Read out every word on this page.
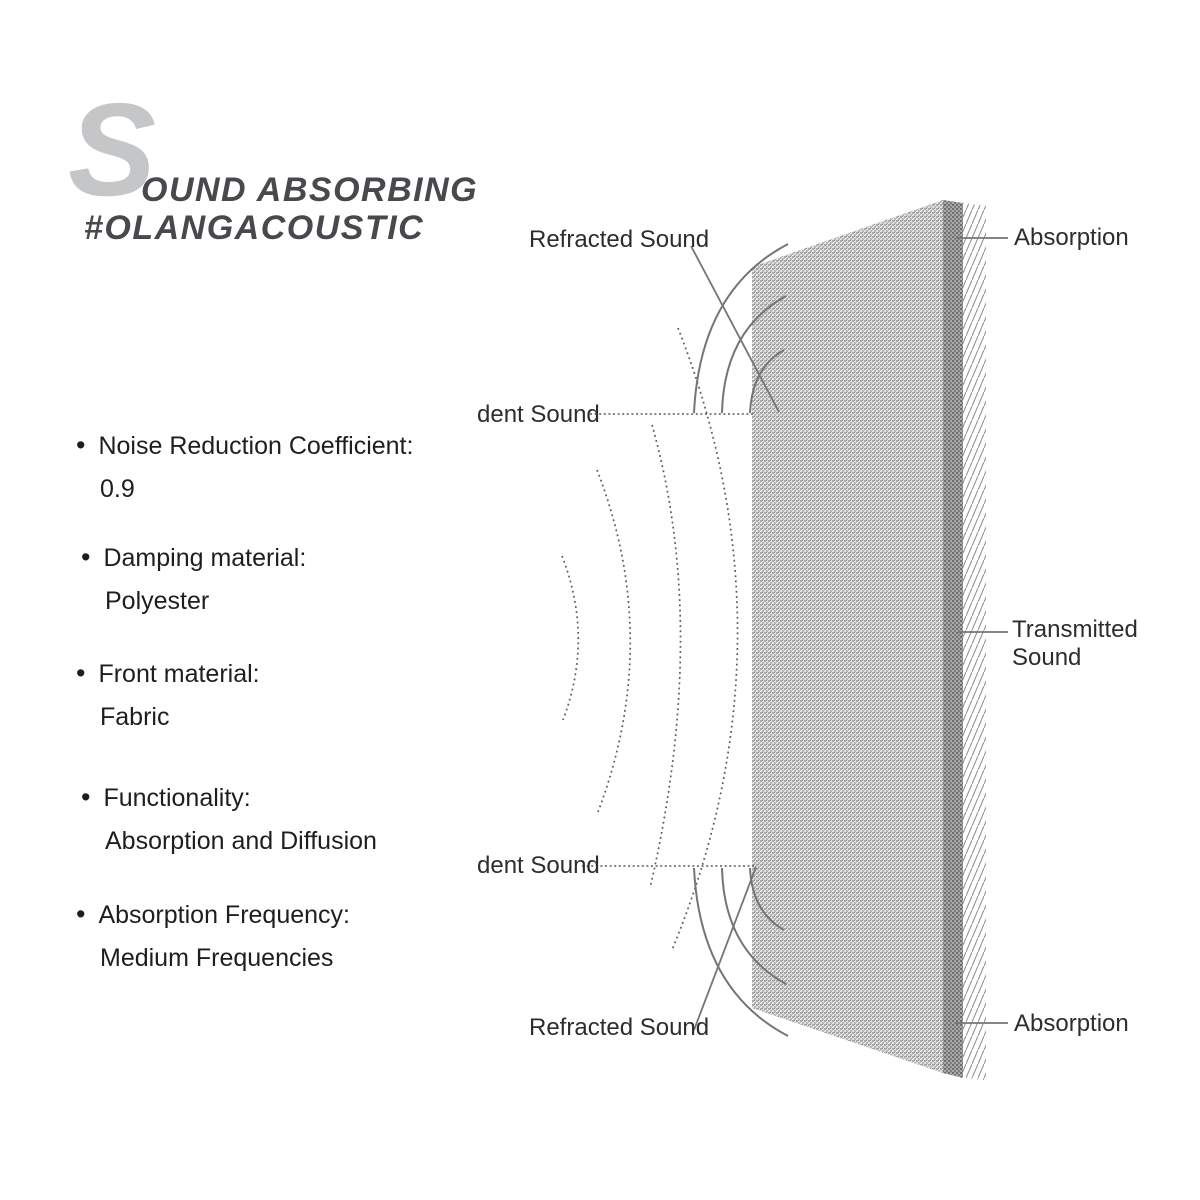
S
OUND ABSORBING
#OLANGACOUSTIC
• Noise Reduction Coefficient:
0.9
• Damping material:
Polyester
• Front material:
Fabric
• Functionality:
Absorption and Diffusion
• Absorption Frequency:
Medium Frequencies
Refracted Sound
dent Sound
Absorption
Transmitted
Sound
dent Sound
Refracted Sound	Absorption
